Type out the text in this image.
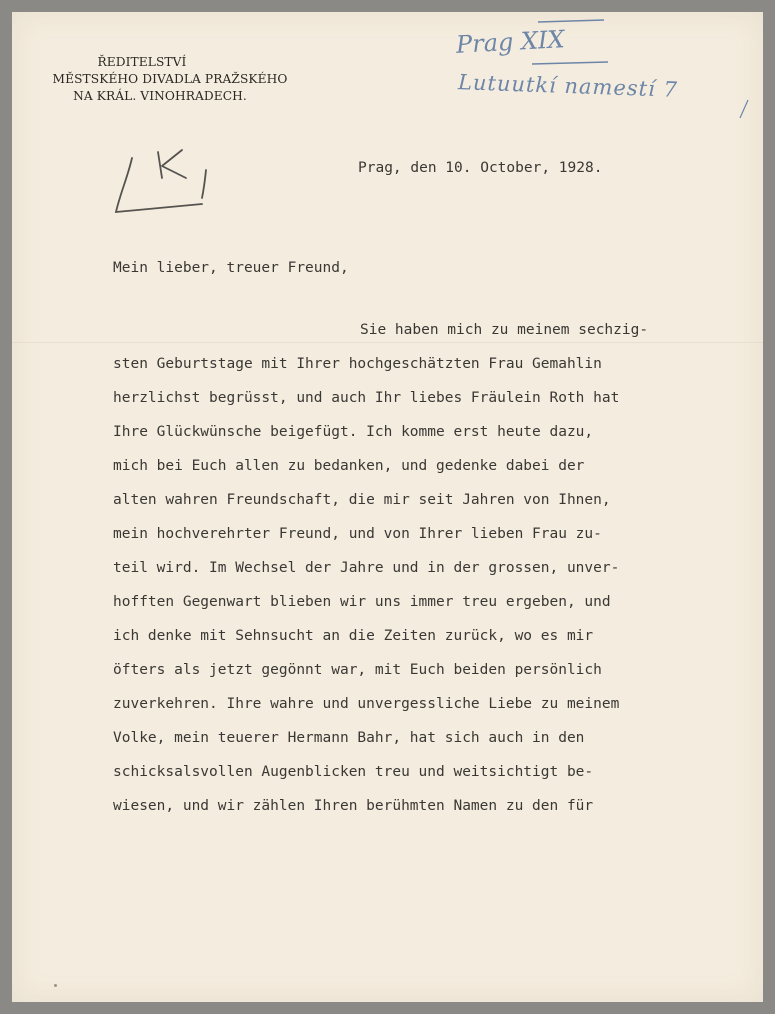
ŘEDITELSTVÍ
MĚSTSKÉHO DIVADLA PRAŽSKÉHO
NA KRÁL. VINOHRADECH.
Prag XIX
Lutuutkí namestí 7
Prag, den 10. October, 1928.
Mein lieber, treuer Freund,
Sie haben mich zu meinem sechzig-
sten Geburtstage mit Ihrer hochgeschätzten Frau Gemahlin
herzlichst begrüsst, und auch Ihr liebes Fräulein Roth hat
Ihre Glückwünsche beigefügt. Ich komme erst heute dazu,
mich bei Euch allen zu bedanken, und gedenke dabei der
alten wahren Freundschaft, die mir seit Jahren von Ihnen,
mein hochverehrter Freund, und von Ihrer lieben Frau zu-
teil wird. Im Wechsel der Jahre und in der grossen, unver-
hofften Gegenwart blieben wir uns immer treu ergeben, und
ich denke mit Sehnsucht an die Zeiten zurück, wo es mir
öfters als jetzt gegönnt war, mit Euch beiden persönlich
zuverkehren. Ihre wahre und unvergessliche Liebe zu meinem
Volke, mein teuerer Hermann Bahr, hat sich auch in den
schicksalsvollen Augenblicken treu und weitsichtigt be-
wiesen, und wir zählen Ihren berühmten Namen zu den für
